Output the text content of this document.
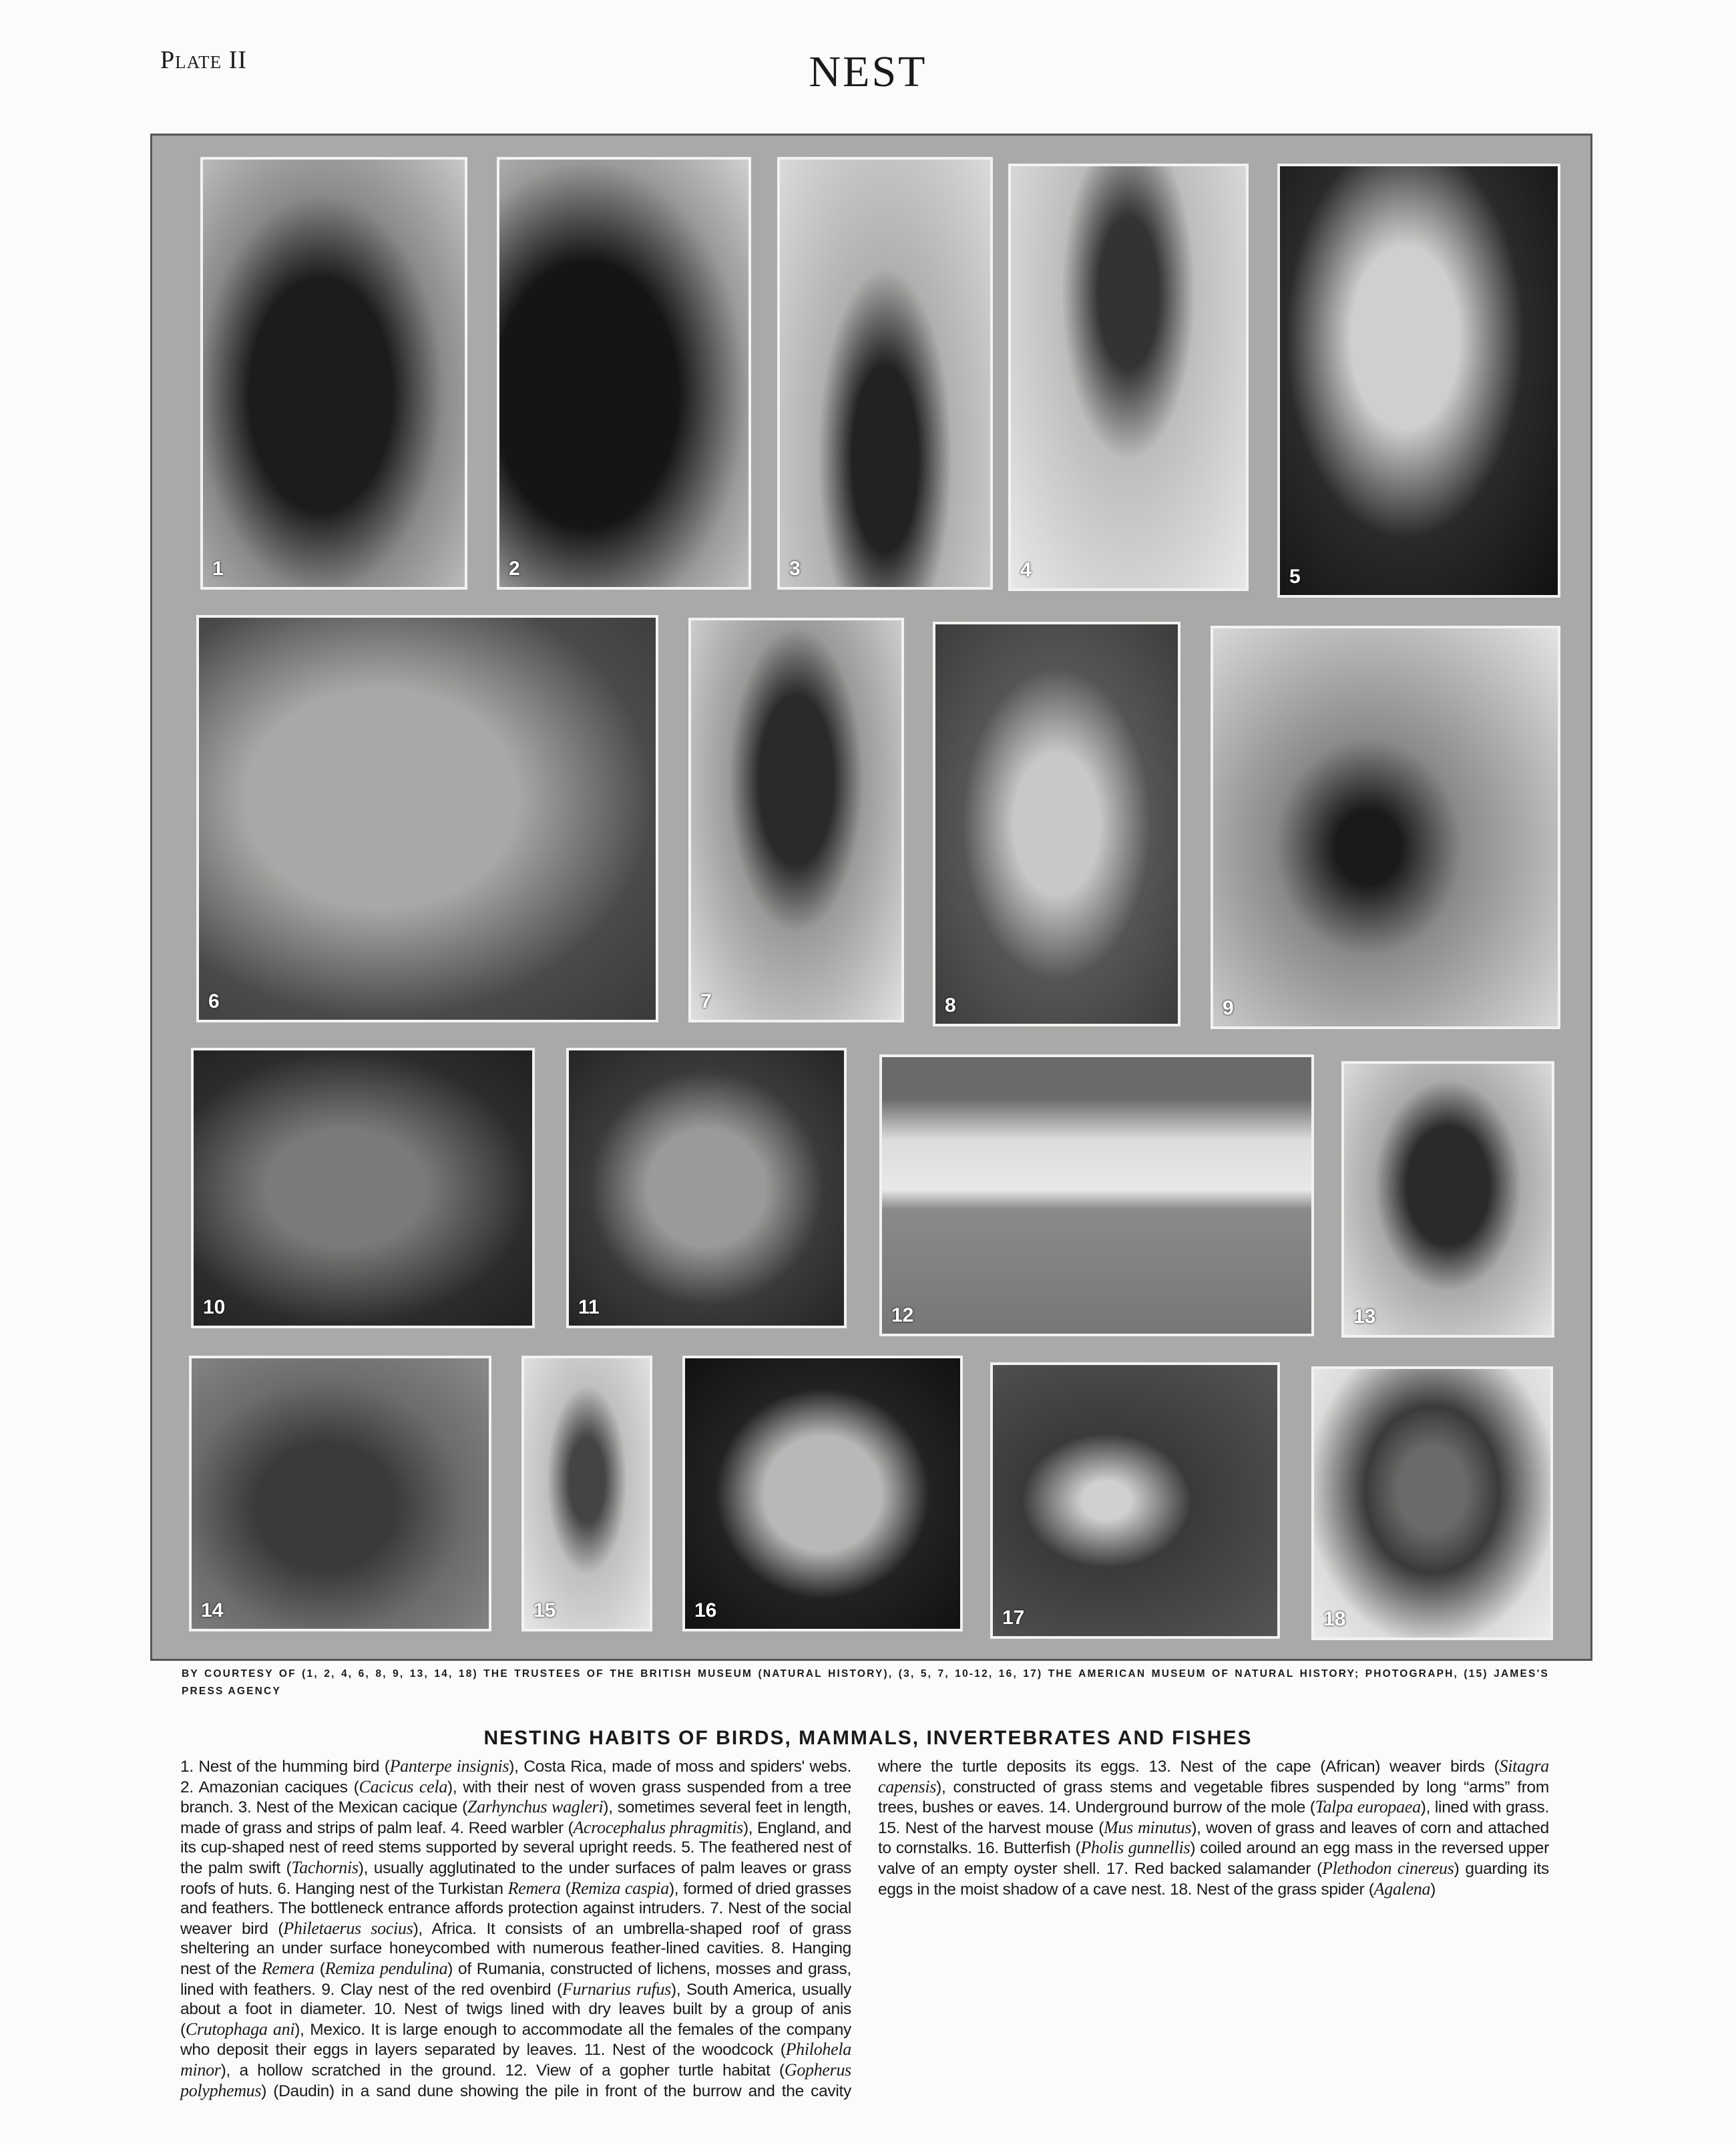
Plate II	NEST
1	2	3	4	5
6	7	8	9
10	11	12	13
14	15	16	17	18
BY COURTESY OF (1, 2, 4, 6, 8, 9, 13, 14, 18) THE TRUSTEES OF THE BRITISH MUSEUM (NATURAL HISTORY), (3, 5, 7, 10-12, 16, 17) THE AMERICAN MUSEUM OF NATURAL HISTORY; PHOTOGRAPH, (15) JAMES'S PRESS AGENCY
NESTING HABITS OF BIRDS, MAMMALS, INVERTEBRATES AND FISHES
1. Nest of the humming bird (Panterpe insignis), Costa Rica, made of moss and spiders' webs. 2. Amazonian caciques (Cacicus cela), with their nest of woven grass suspended from a tree branch. 3. Nest of the Mexican cacique (Zarhynchus wagleri), sometimes several feet in length, made of grass and strips of palm leaf. 4. Reed warbler (Acrocephalus phragmitis), England, and its cup-shaped nest of reed stems supported by several upright reeds. 5. The feathered nest of the palm swift (Tachornis), usually agglutinated to the under surfaces of palm leaves or grass roofs of huts. 6. Hanging nest of the Turkistan Remera (Remiza caspia), formed of dried grasses and feathers. The bottleneck entrance affords protection against intruders. 7. Nest of the social weaver bird (Philetaerus socius), Africa. It consists of an umbrella-shaped roof of grass sheltering an under surface honeycombed with numerous feather-lined cavities. 8. Hanging nest of the Remera (Remiza pendulina) of Rumania, constructed of lichens, mosses and grass, lined with feathers. 9. Clay nest of the red ovenbird (Furnarius rufus), South America, usually about a foot in diameter. 10. Nest of twigs lined with dry leaves built by a group of anis (Crutophaga ani), Mexico. It is large enough to accommodate all the females of the company who deposit their eggs in layers separated by leaves. 11. Nest of the woodcock (Philohela minor), a hollow scratched in the ground. 12. View of a gopher turtle habitat (Gopherus polyphemus) (Daudin) in a sand dune showing the pile in front of the burrow and the cavity where the turtle deposits its eggs. 13. Nest of the cape (African) weaver birds (Sitagra capensis), constructed of grass stems and vegetable fibres suspended by long “arms” from trees, bushes or eaves. 14. Underground burrow of the mole (Talpa europaea), lined with grass. 15. Nest of the harvest mouse (Mus minutus), woven of grass and leaves of corn and attached to cornstalks. 16. Butterfish (Pholis gunnellis) coiled around an egg mass in the reversed upper valve of an empty oyster shell. 17. Red backed salamander (Plethodon cinereus) guarding its eggs in the moist shadow of a cave nest. 18. Nest of the grass spider (Agalena)
